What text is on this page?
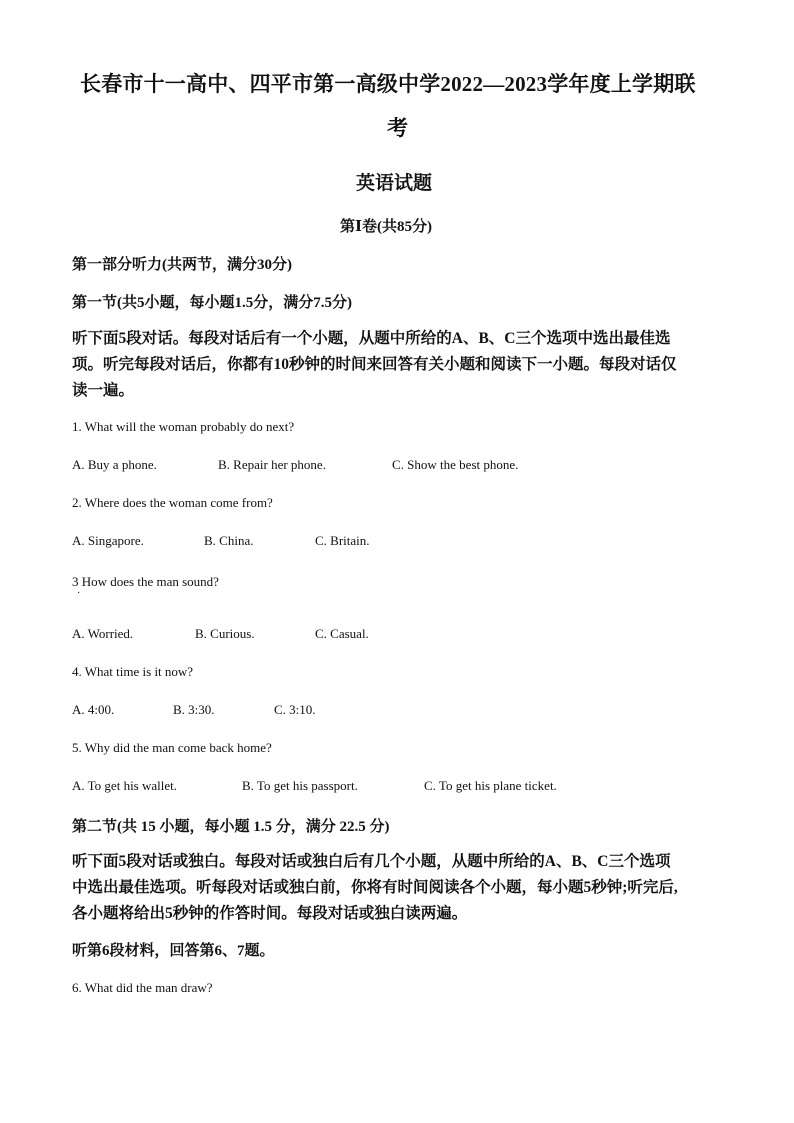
长春市十一高中、四平市第一高级中学2022—2023学年度上学期联
考
英语试题
第Ⅰ卷(共85分)
第一部分听力(共两节，满分30分)
第一节(共5小题，每小题1.5分，满分7.5分)
听下面5段对话。每段对话后有一个小题，从题中所给的A、B、C三个选项中选出最佳选
项。听完每段对话后，你都有10秒钟的时间来回答有关小题和阅读下一小题。每段对话仅
读一遍。
1. What will the woman probably do next?
A. Buy a phone.	B. Repair her phone.	C. Show the best phone.
2. Where does the woman come from?
A. Singapore.	B. China.	C. Britain.
3 How does the man sound?
·
A. Worried.	B. Curious.	C. Casual.
4. What time is it now?
A. 4:00.	B. 3:30.	C. 3:10.
5. Why did the man come back home?
A. To get his wallet.	B. To get his passport.	C. To get his plane ticket.
第二节(共 15 小题，每小题 1.5 分，满分 22.5 分)
听下面5段对话或独白。每段对话或独白后有几个小题，从题中所给的A、B、C三个选项
中选出最佳选项。听每段对话或独白前，你将有时间阅读各个小题，每小题5秒钟;听完后,
各小题将给出5秒钟的作答时间。每段对话或独白读两遍。
听第6段材料，回答第6、7题。
6. What did the man draw?
